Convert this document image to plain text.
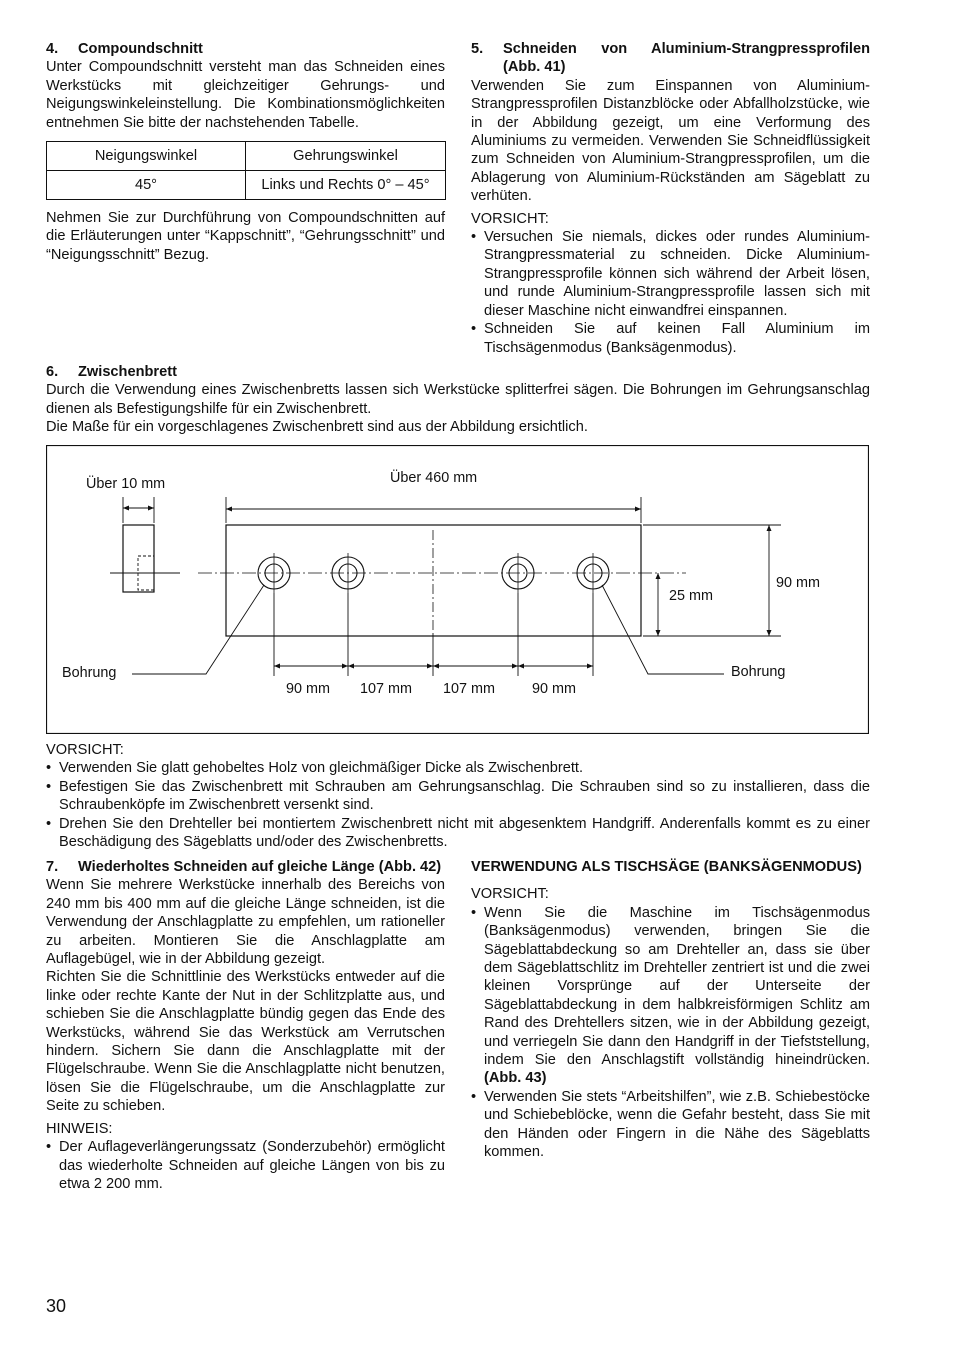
4.	Compoundschnitt

Unter Compoundschnitt versteht man das Schneiden eines Werkstücks mit gleichzeitiger Gehrungs- und Neigungswinkeleinstellung. Die Kombinationsmöglichkeiten entnehmen Sie bitte der nachstehenden Tabelle.

Neigungswinkel	Gehrungswinkel
45°	Links und Rechts 0° – 45°

Nehmen Sie zur Durchführung von Compoundschnitten auf die Erläuterungen unter “Kappschnitt”, “Gehrungsschnitt” und “Neigungsschnitt” Bezug.

5.	Schneiden von Aluminium-Strangpressprofilen (Abb. 41)

Verwenden Sie zum Einspannen von Aluminium-Strangpressprofilen Distanzblöcke oder Abfallholzstücke, wie in der Abbildung gezeigt, um eine Verformung des Aluminiums zu vermeiden. Verwenden Sie Schneidflüssigkeit zum Schneiden von Aluminium-Strangpressprofilen, um die Ablagerung von Aluminium-Rückständen am Sägeblatt zu verhüten.

VORSICHT:

• Versuchen Sie niemals, dickes oder rundes Aluminium-Strangpressmaterial zu schneiden. Dicke Aluminium-Strangpressprofile können sich während der Arbeit lösen, und runde Aluminium-Strangpressprofile lassen sich mit dieser Maschine nicht einwandfrei einspannen.
• Schneiden Sie auf keinen Fall Aluminium im Tischsägenmodus (Banksägenmodus).
6.	Zwischenbrett

Durch die Verwendung eines Zwischenbretts lassen sich Werkstücke splitterfrei sägen. Die Bohrungen im Gehrungsanschlag dienen als Befestigungshilfe für ein Zwischenbrett.

Die Maße für ein vorgeschlagenes Zwischenbrett sind aus der Abbildung ersichtlich.

Über 10 mm	Über 460 mm
90 mm
25 mm
Bohrung	Bohrung
90 mm 107 mm 107 mm	90 mm

VORSICHT:

• Verwenden Sie glatt gehobeltes Holz von gleichmäßiger Dicke als Zwischenbrett.
• Befestigen Sie das Zwischenbrett mit Schrauben am Gehrungsanschlag. Die Schrauben sind so zu installieren, dass die Schraubenköpfe im Zwischenbrett versenkt sind.
• Drehen Sie den Drehteller bei montiertem Zwischenbrett nicht mit abgesenktem Handgriff. Anderenfalls kommt es zu einer Beschädigung des Sägeblatts und/oder des Zwischenbretts.
7.	Wiederholtes Schneiden auf gleiche Länge (Abb. 42)

Wenn Sie mehrere Werkstücke innerhalb des Bereichs von 240 mm bis 400 mm auf die gleiche Länge schneiden, ist die Verwendung der Anschlagplatte zu empfehlen, um rationeller zu arbeiten. Montieren Sie die Anschlagplatte am Auflagebügel, wie in der Abbildung gezeigt.

Richten Sie die Schnittlinie des Werkstücks entweder auf die linke oder rechte Kante der Nut in der Schlitzplatte aus, und schieben Sie die Anschlagplatte bündig gegen das Ende des Werkstücks, während Sie das Werkstück am Verrutschen hindern. Sichern Sie dann die Anschlagplatte mit der Flügelschraube. Wenn Sie die Anschlagplatte nicht benutzen, lösen Sie die Flügelschraube, um die Anschlagplatte zur Seite zu schieben.

HINWEIS:

• Der Auflageverlängerungssatz (Sonderzubehör) ermöglicht das wiederholte Schneiden auf gleiche Längen von bis zu etwa 2 200 mm.

VERWENDUNG ALS TISCHSÄGE (BANKSÄGENMODUS)

VORSICHT:

• Wenn Sie die Maschine im Tischsägenmodus (Banksägenmodus) verwenden, bringen Sie die Sägeblattabdeckung so am Drehteller an, dass sie über dem Sägeblattschlitz im Drehteller zentriert ist und die zwei kleinen Vorsprünge auf der Unterseite der Sägeblattabdeckung in dem halbkreisförmigen Schlitz am Rand des Drehtellers sitzen, wie in der Abbildung gezeigt, und verriegeln Sie dann den Handgriff in der Tiefststellung, indem Sie den Anschlagstift vollständig hineindrücken. (Abb. 43)
• Verwenden Sie stets “Arbeitshilfen”, wie z.B. Schiebestöcke und Schiebeblöcke, wenn die Gefahr besteht, dass Sie mit den Händen oder Fingern in die Nähe des Sägeblatts kommen.
30
